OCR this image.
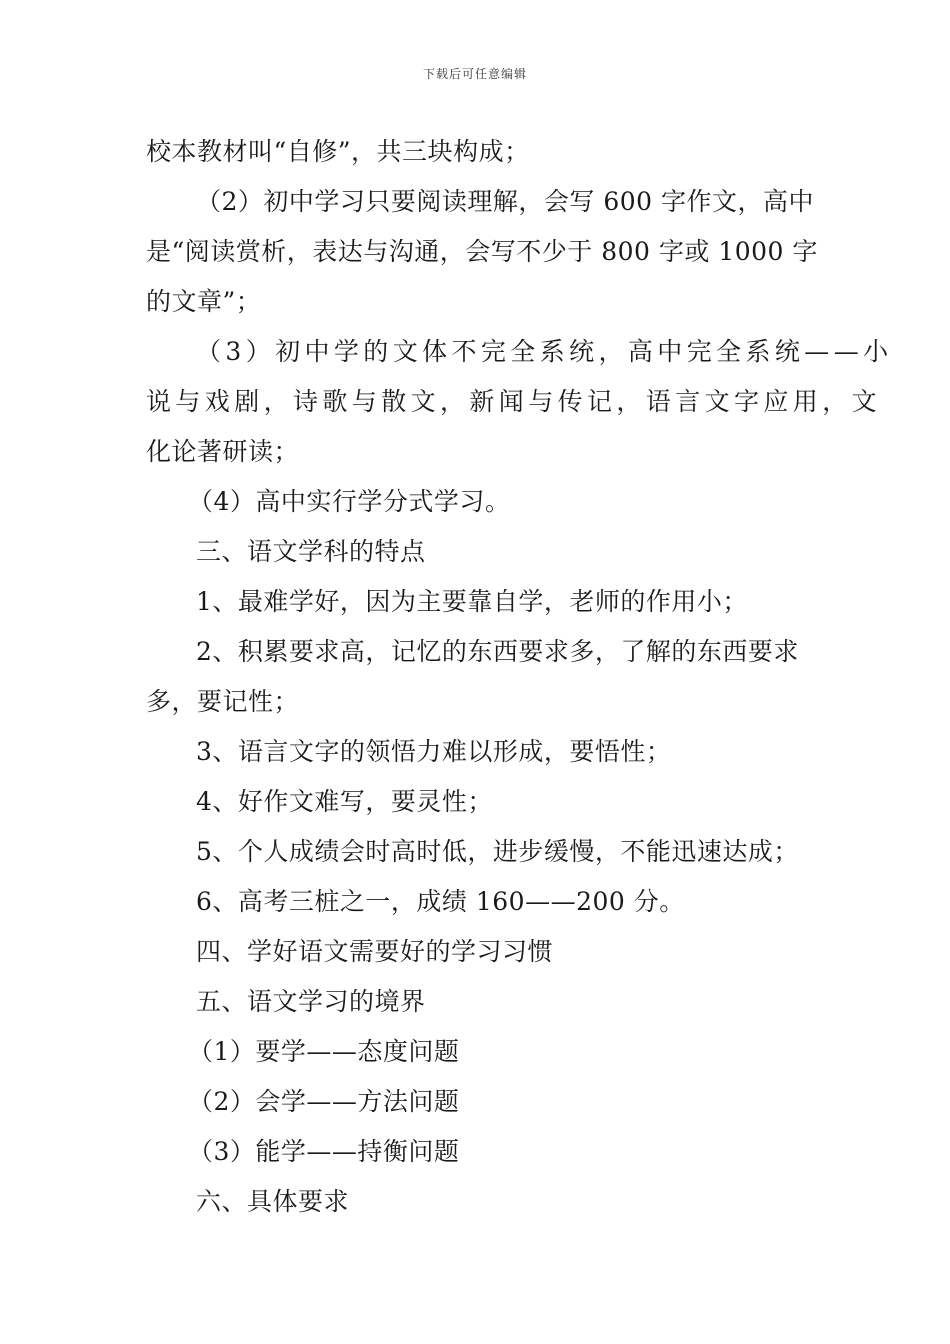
下载后可任意编辑
校本教材叫“自修”，共三块构成；
（2）初中学习只要阅读理解，会写 600 字作文，高中
是“阅读赏析，表达与沟通，会写不少于 800 字或 1000 字
的文章”；
（3）初中学的文体不完全系统，高中完全系统——小
说与戏剧，诗歌与散文，新闻与传记，语言文字应用，文
化论著研读；
（4）高中实行学分式学习。
三、语文学科的特点
1、最难学好，因为主要靠自学，老师的作用小；
2、积累要求高，记忆的东西要求多，了解的东西要求
多，要记性；
3、语言文字的领悟力难以形成，要悟性；
4、好作文难写，要灵性；
5、个人成绩会时高时低，进步缓慢，不能迅速达成；
6、高考三桩之一，成绩 160——200 分。
四、学好语文需要好的学习习惯
五、语文学习的境界
（1）要学——态度问题
（2）会学——方法问题
（3）能学——持衡问题
六、具体要求
